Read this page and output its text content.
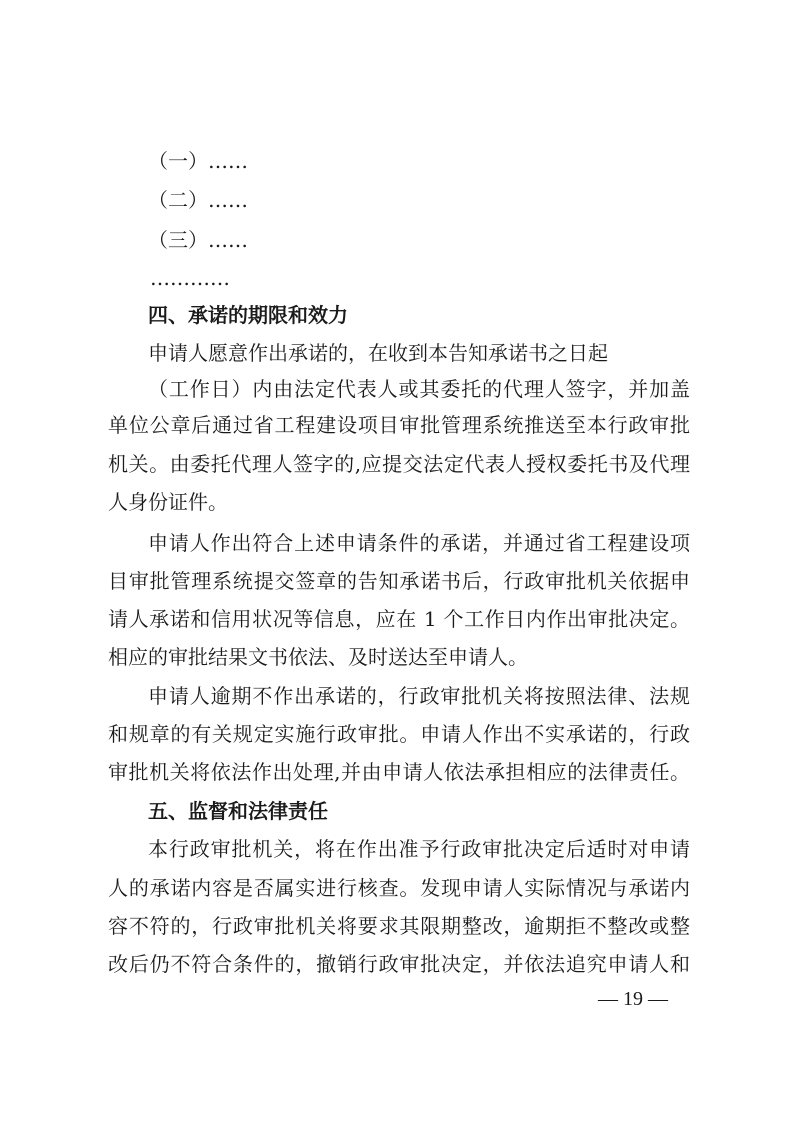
（一）……
（二）……
（三）……
…………
四、承诺的期限和效力
申请人愿意作出承诺的，在收到本告知承诺书之日起
（工作日）内由法定代表人或其委托的代理人签字，并加盖
单位公章后通过省工程建设项目审批管理系统推送至本行政审批
机关。由委托代理人签字的,应提交法定代表人授权委托书及代理
人身份证件。
申请人作出符合上述申请条件的承诺，并通过省工程建设项
目审批管理系统提交签章的告知承诺书后，行政审批机关依据申
请人承诺和信用状况等信息，应在 1 个工作日内作出审批决定。
相应的审批结果文书依法、及时送达至申请人。
申请人逾期不作出承诺的，行政审批机关将按照法律、法规
和规章的有关规定实施行政审批。申请人作出不实承诺的，行政
审批机关将依法作出处理,并由申请人依法承担相应的法律责任。
五、监督和法律责任
本行政审批机关，将在作出准予行政审批决定后适时对申请
人的承诺内容是否属实进行核查。发现申请人实际情况与承诺内
容不符的，行政审批机关将要求其限期整改，逾期拒不整改或整
改后仍不符合条件的，撤销行政审批决定，并依法追究申请人和
— 19 —
